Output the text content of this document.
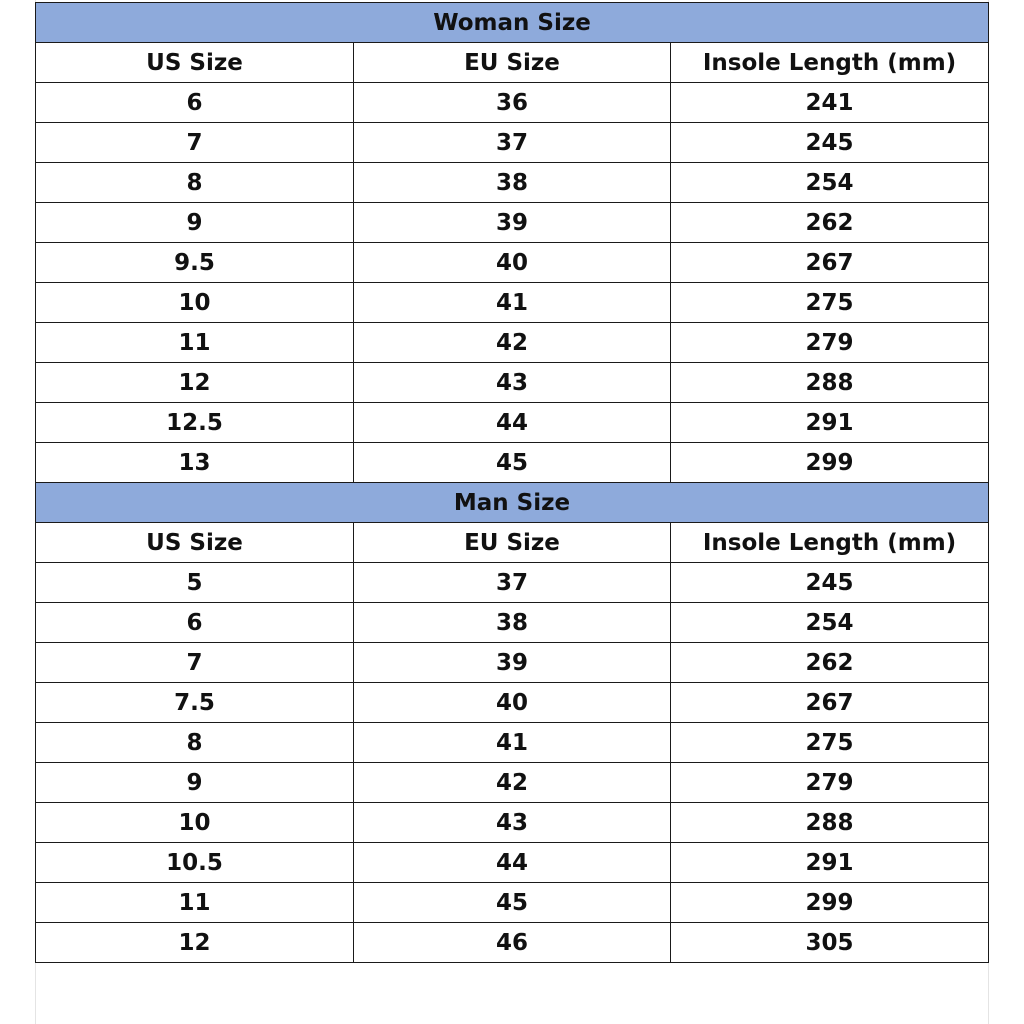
Woman Size		
US Size	EU Size	Insole Length (mm)
6	36	241
7	37	245
8	38	254
9	39	262
9.5	40	267
10	41	275
11	42	279
12	43	288
12.5	44	291
13	45	299
Man Size		
US Size	EU Size	Insole Length (mm)
5	37	245
6	38	254
7	39	262
7.5	40	267
8	41	275
9	42	279
10	43	288
10.5	44	291
11	45	299
12	46	305
